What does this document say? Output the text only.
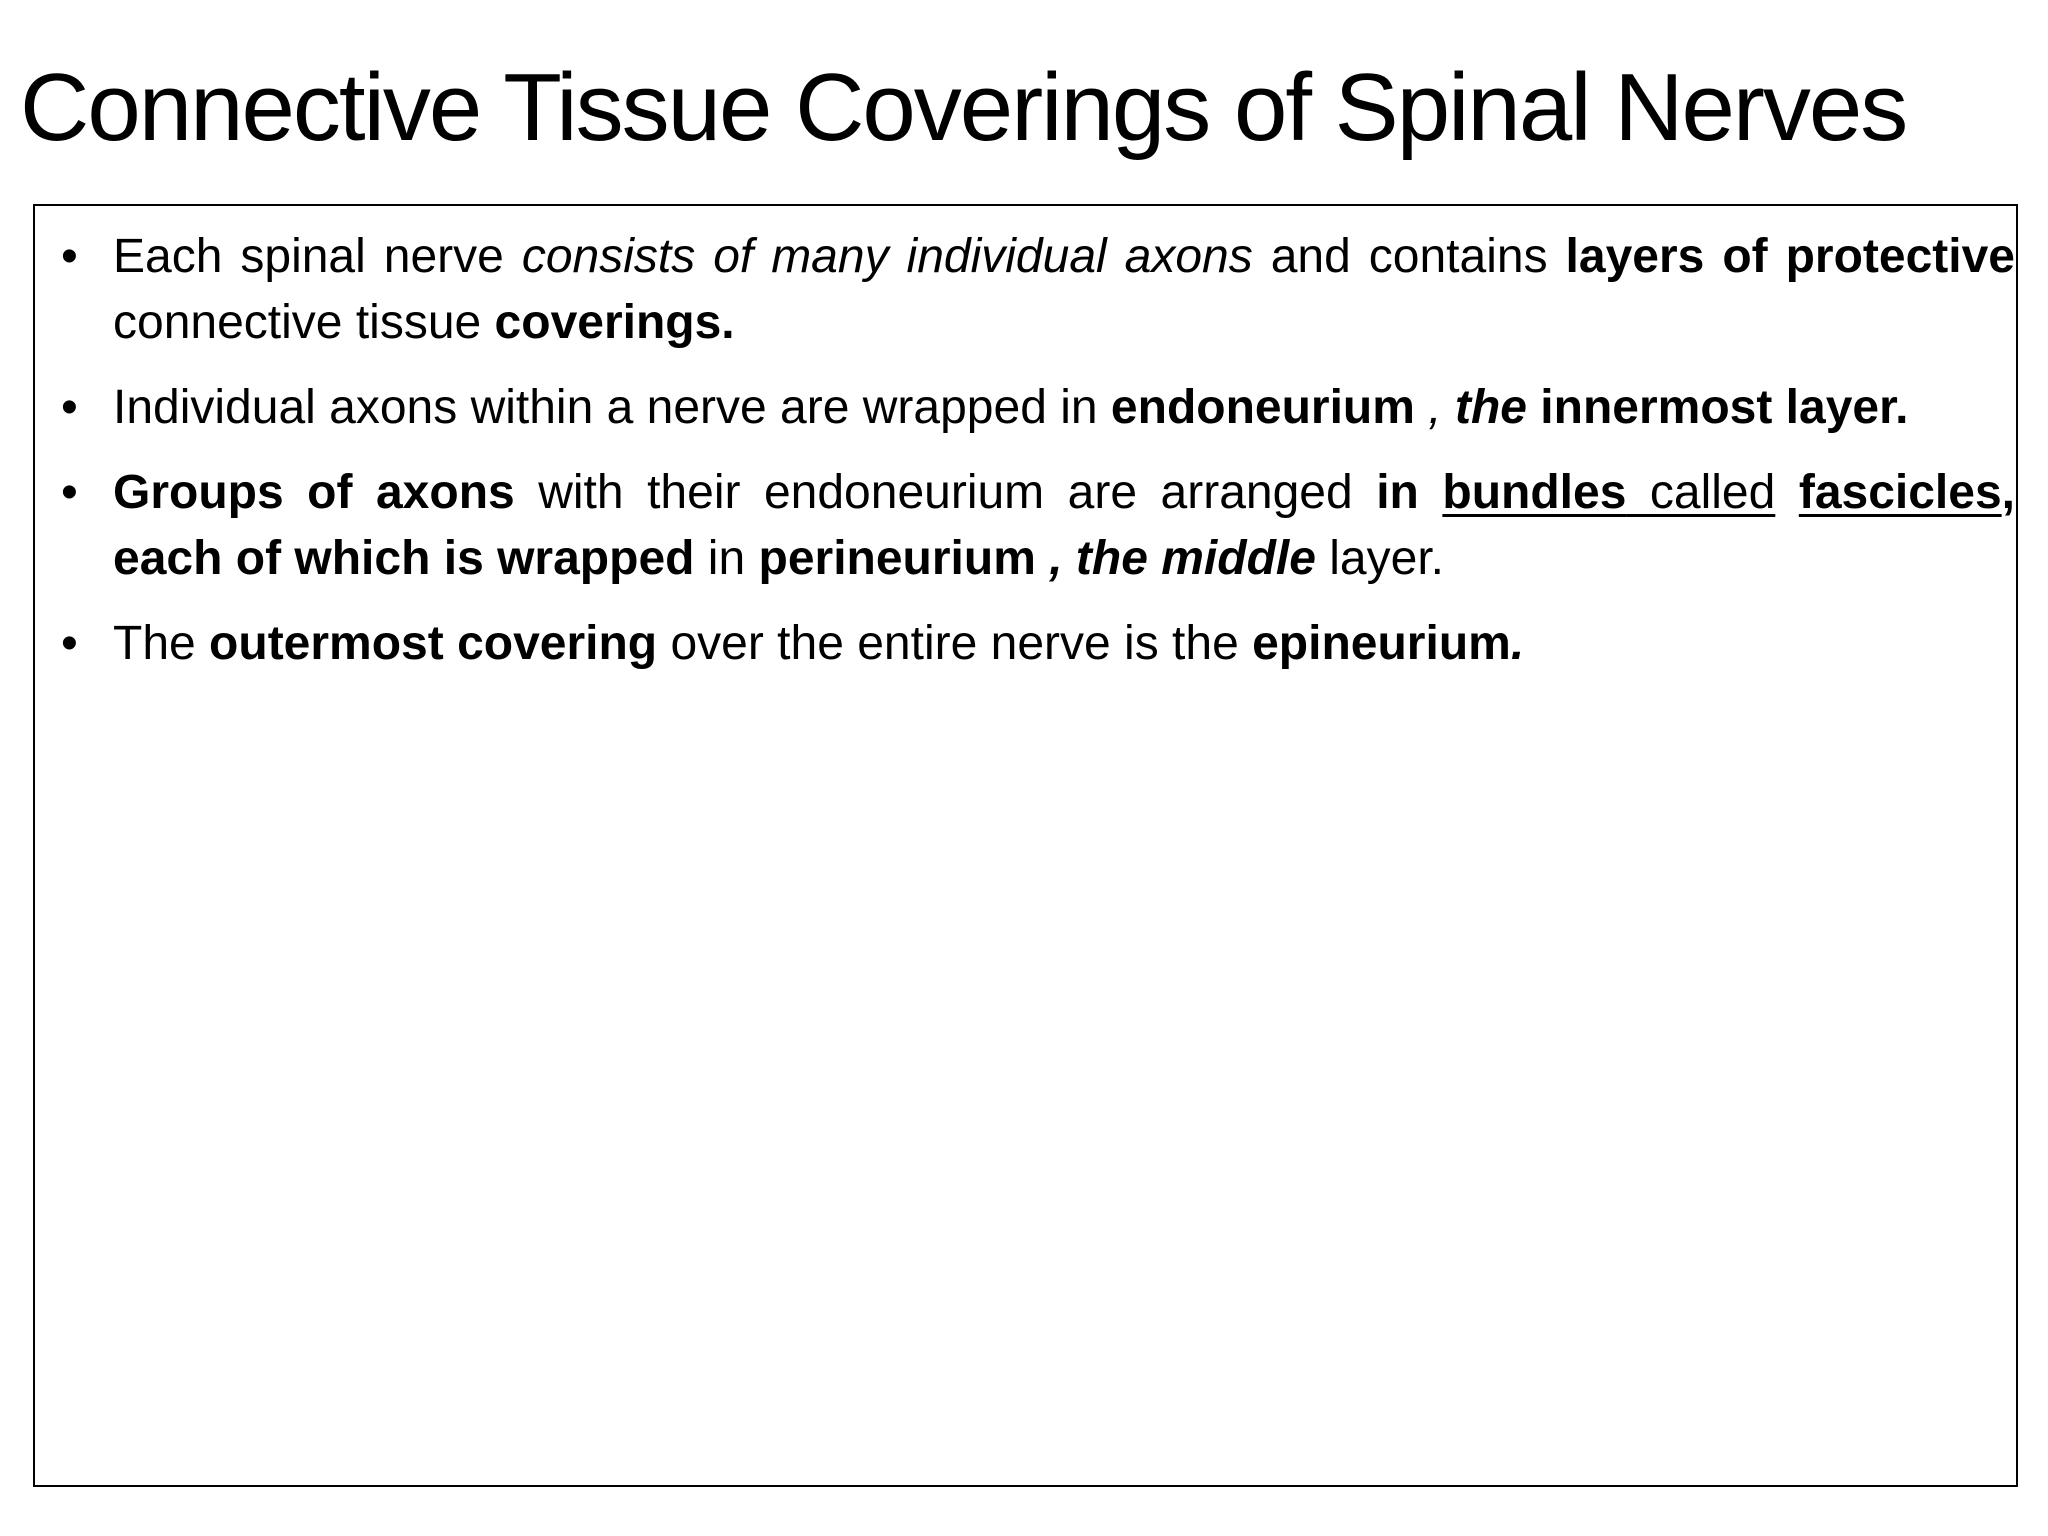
Connective Tissue Coverings of Spinal Nerves
• Each spinal nerve consists of many individual axons and contains layers of protective connective tissue coverings.
• Individual axons within a nerve are wrapped in endoneurium , the innermost layer.
• Groups of axons with their endoneurium are arranged in bundles called fascicles, each of which is wrapped in perineurium , the middle layer.
• The outermost covering over the entire nerve is the epineurium.
